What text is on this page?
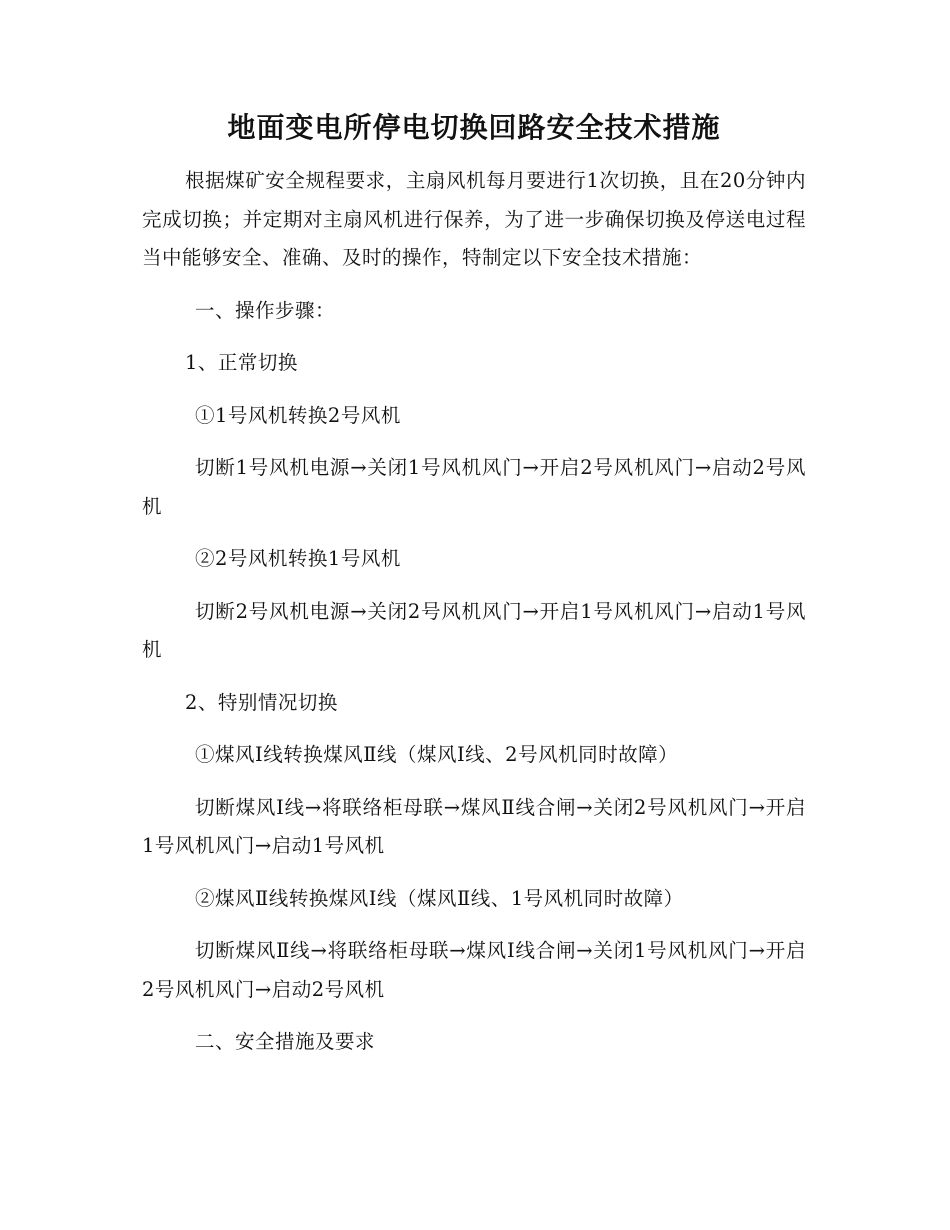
地面变电所停电切换回路安全技术措施

根据煤矿安全规程要求，主扇风机每月要进行1次切换，且在20分钟内完成切换；并定期对主扇风机进行保养，为了进一步确保切换及停送电过程当中能够安全、准确、及时的操作，特制定以下安全技术措施：

一、操作步骤：

1、正常切换

①1号风机转换2号风机

切断1号风机电源→关闭1号风机风门→开启2号风机风门→启动2号风机

②2号风机转换1号风机

切断2号风机电源→关闭2号风机风门→开启1号风机风门→启动1号风机

2、特别情况切换

①煤风Ⅰ线转换煤风Ⅱ线（煤风Ⅰ线、2号风机同时故障）

切断煤风Ⅰ线→将联络柜母联→煤风Ⅱ线合闸→关闭2号风机风门→开启1号风机风门→启动1号风机

②煤风Ⅱ线转换煤风Ⅰ线（煤风Ⅱ线、1号风机同时故障）

切断煤风Ⅱ线→将联络柜母联→煤风Ⅰ线合闸→关闭1号风机风门→开启2号风机风门→启动2号风机

二、安全措施及要求
